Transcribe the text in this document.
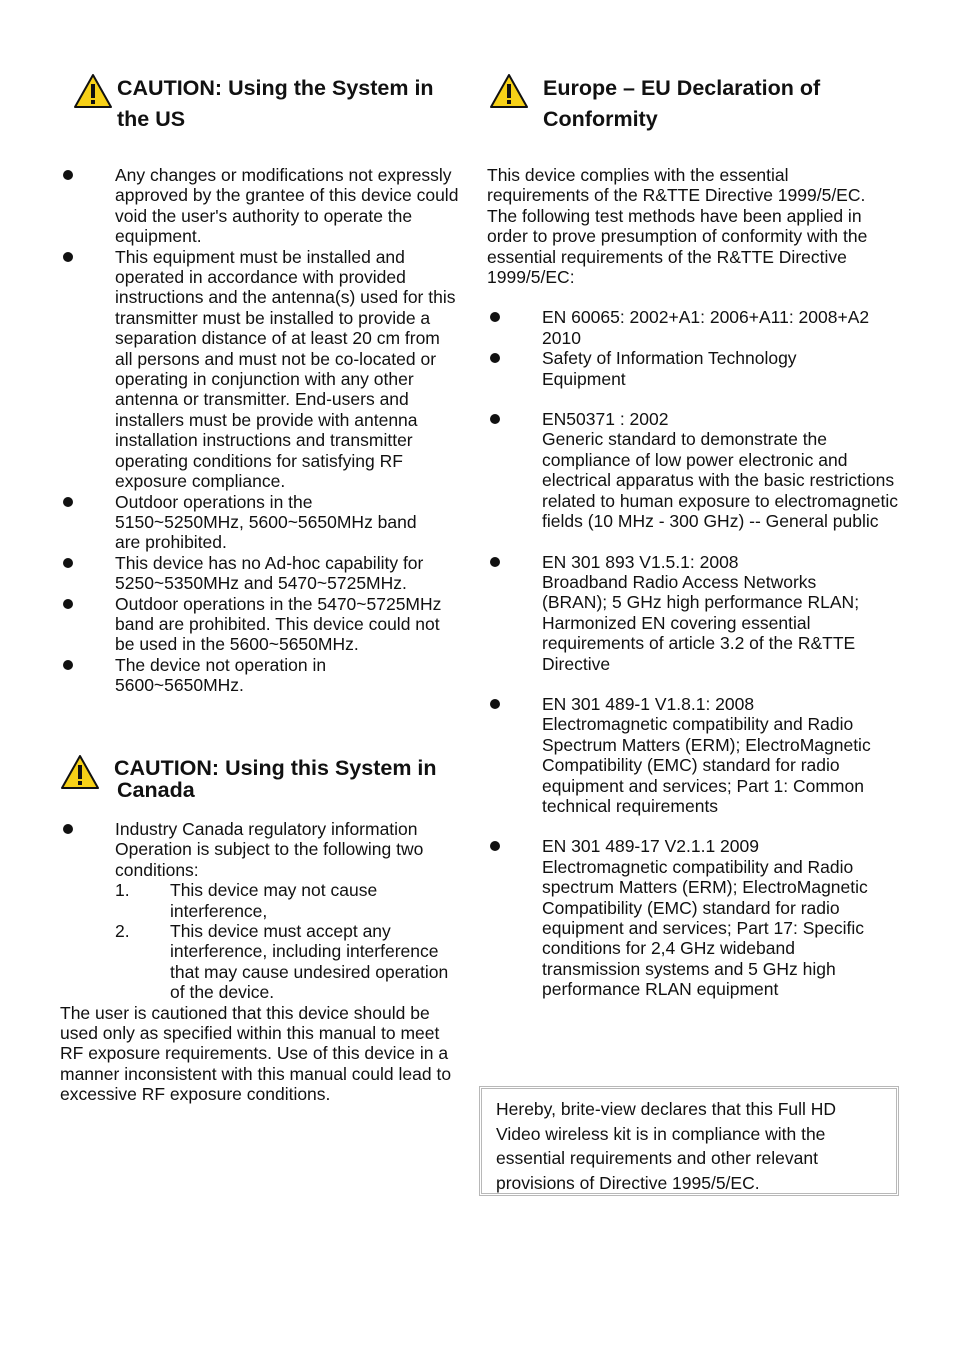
CAUTION: Using the System in
the US
Any changes or modifications not expressly approved by the grantee of this device could void the user's authority to operate the equipment.
This equipment must be installed and operated in accordance with provided instructions and the antenna(s) used for this transmitter must be installed to provide a separation distance of at least 20 cm from all persons and must not be co-located or operating in conjunction with any other antenna or transmitter. End-users and installers must be provide with antenna installation instructions and transmitter operating conditions for satisfying RF exposure compliance.
Outdoor operations in the 5150~5250MHz, 5600~5650MHz band are prohibited.
This device has no Ad-hoc capability for 5250~5350MHz and 5470~5725MHz.
Outdoor operations in the 5470~5725MHz band are prohibited. This device could not be used in the 5600~5650MHz.
The device not operation in 5600~5650MHz.
CAUTION: Using this System in
Canada
Industry Canada regulatory information
Operation is subject to the following two conditions:
1. This device may not cause interference,
2. This device must accept any interference, including interference that may cause undesired operation of the device.
The user is cautioned that this device should be used only as specified within this manual to meet RF exposure requirements. Use of this device in a manner inconsistent with this manual could lead to excessive RF exposure conditions.
Europe – EU Declaration of
Conformity
This device complies with the essential requirements of the R&TTE Directive 1999/5/EC. The following test methods have been applied in order to prove presumption of conformity with the essential requirements of the R&TTE Directive 1999/5/EC:
EN 60065: 2002+A1: 2006+A11: 2008+A2 2010
Safety of Information Technology Equipment
EN50371 : 2002
Generic standard to demonstrate the compliance of low power electronic and electrical apparatus with the basic restrictions related to human exposure to electromagnetic fields (10 MHz - 300 GHz) -- General public
EN 301 893 V1.5.1: 2008
Broadband Radio Access Networks (BRAN); 5 GHz high performance RLAN; Harmonized EN covering essential requirements of article 3.2 of the R&TTE Directive
EN 301 489-1 V1.8.1: 2008
Electromagnetic compatibility and Radio Spectrum Matters (ERM); ElectroMagnetic Compatibility (EMC) standard for radio equipment and services; Part 1: Common technical requirements
EN 301 489-17 V2.1.1 2009
Electromagnetic compatibility and Radio spectrum Matters (ERM); ElectroMagnetic Compatibility (EMC) standard for radio equipment and services; Part 17: Specific conditions for 2,4 GHz wideband transmission systems and 5 GHz high performance RLAN equipment
Hereby, brite-view declares that this Full HD Video wireless kit is in compliance with the essential requirements and other relevant provisions of Directive 1995/5/EC.
